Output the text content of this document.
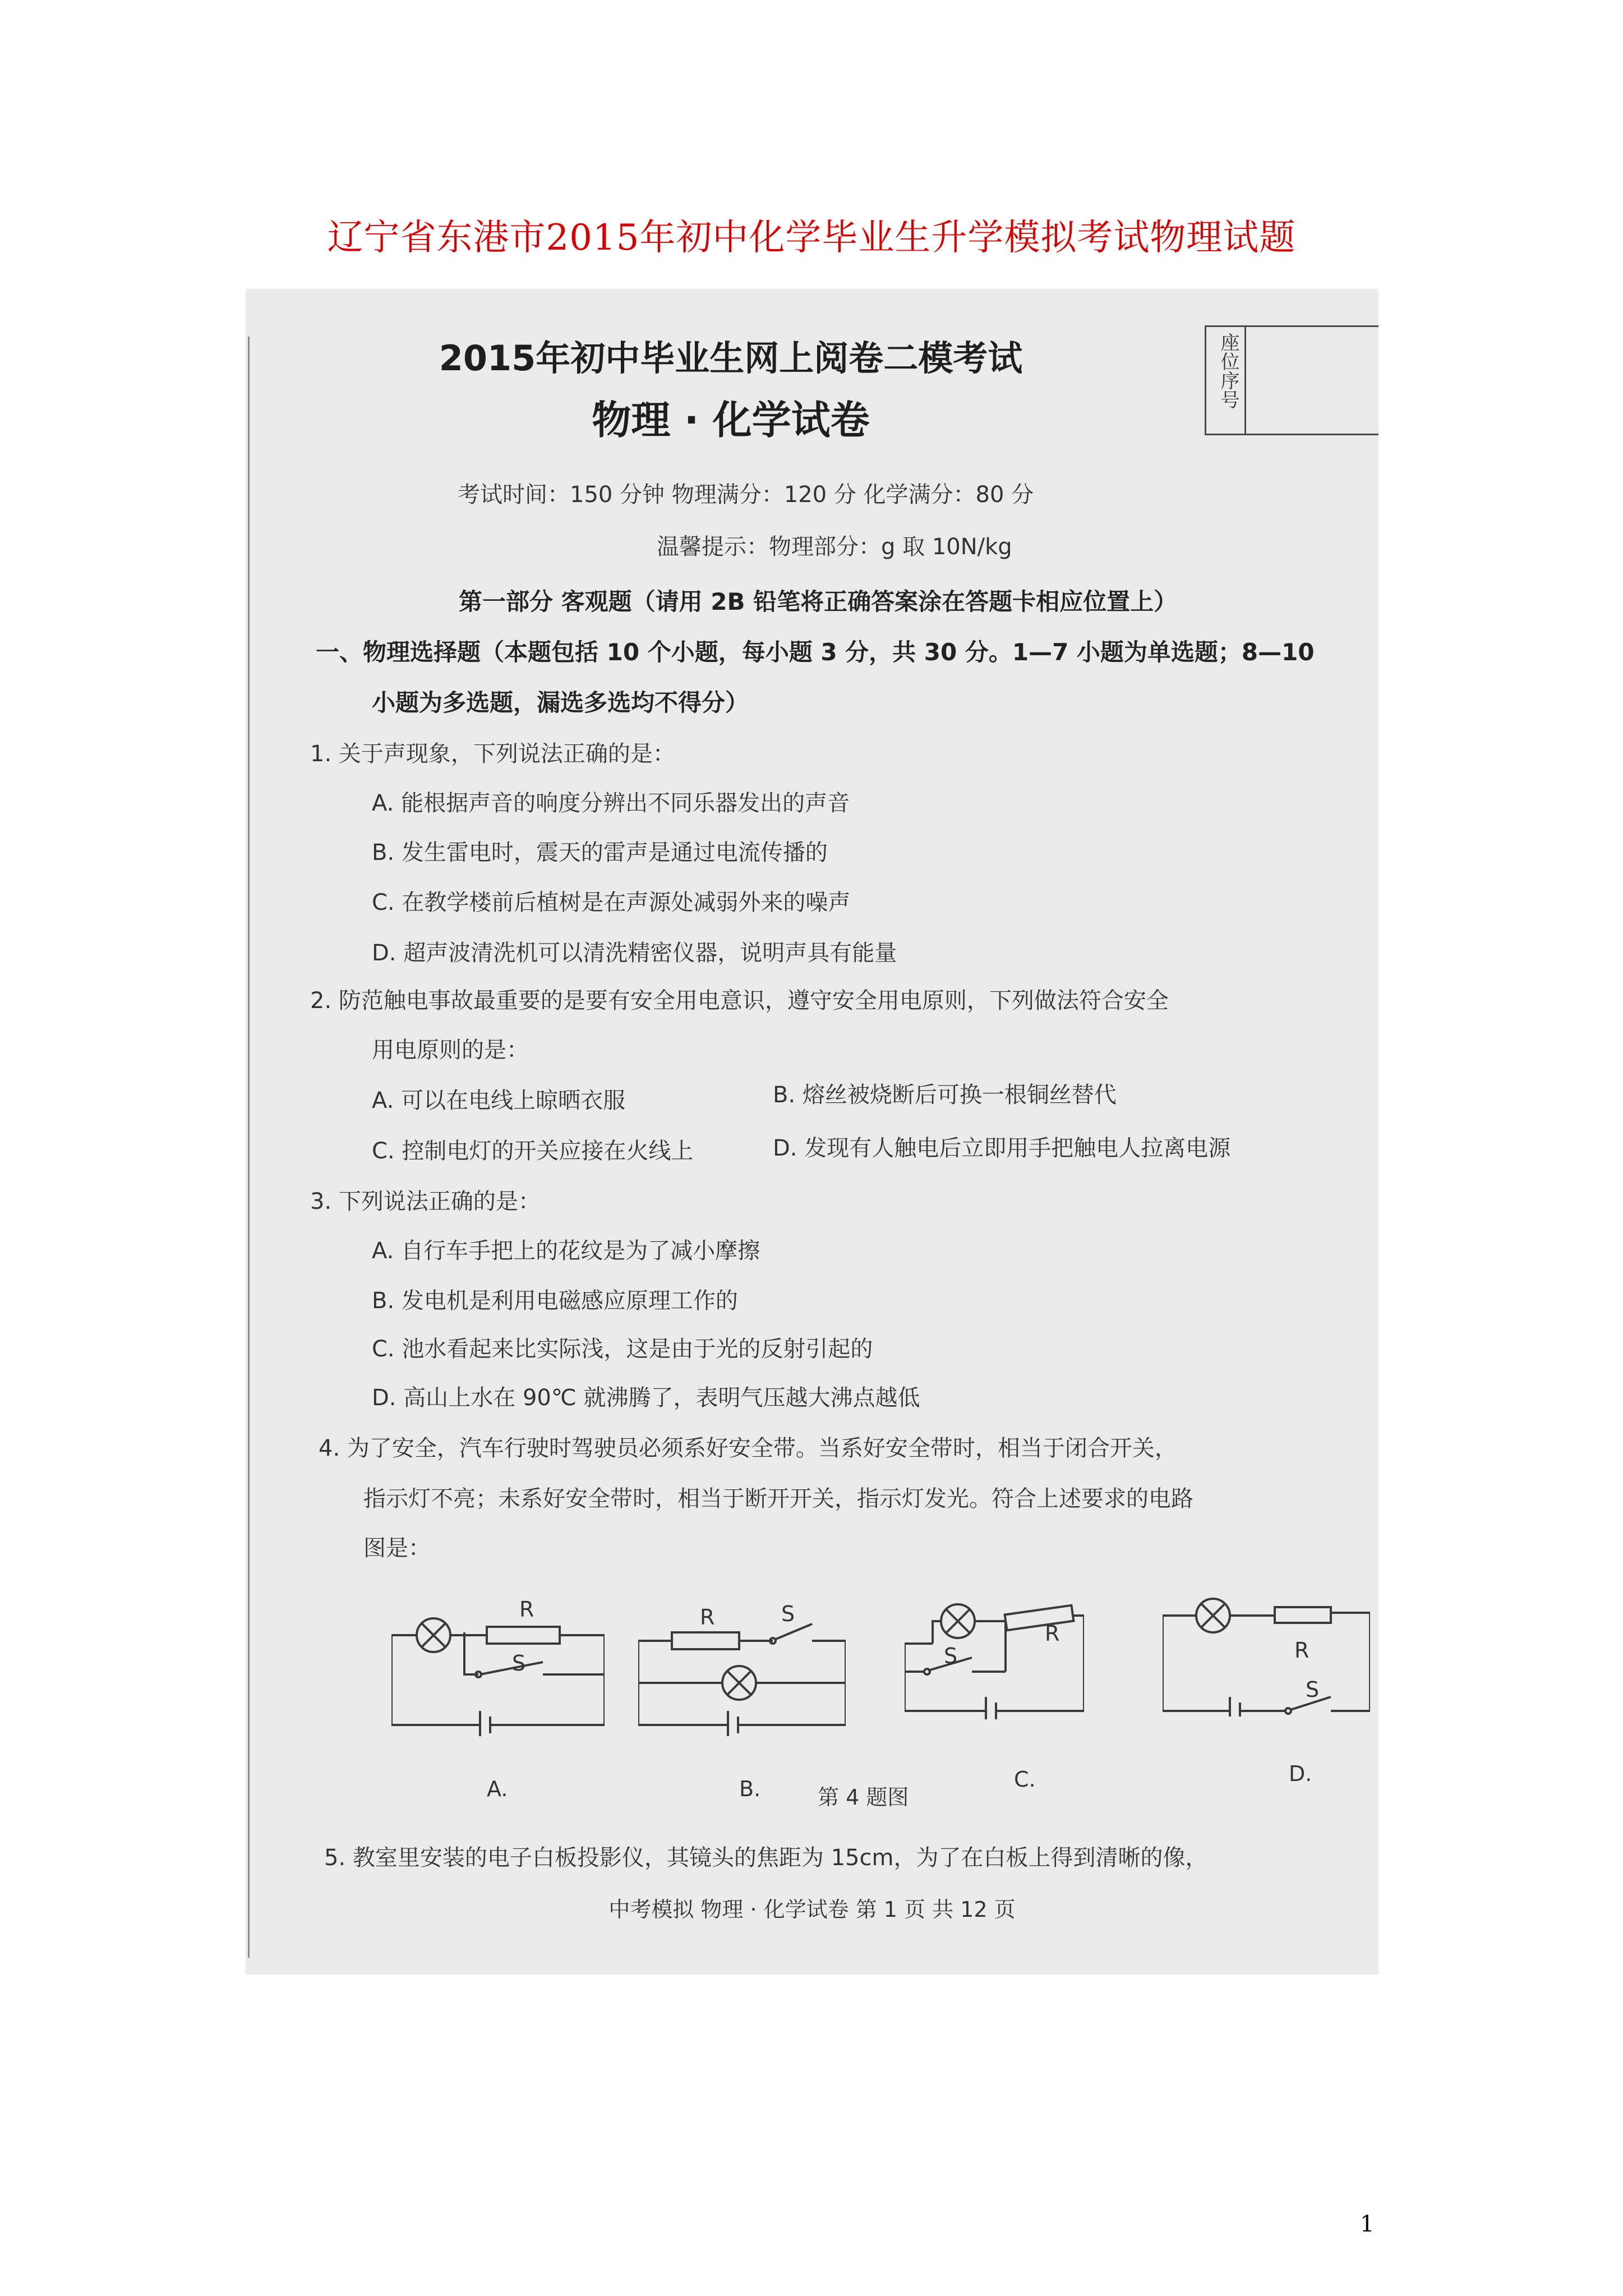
辽宁省东港市2015年初中化学毕业生升学模拟考试物理试题
座位序号
2015年初中毕业生网上阅卷二模考试
物理 · 化学试卷
考试时间：150 分钟 物理满分：120 分 化学满分：80 分
温馨提示：物理部分：g 取 10N/kg
第一部分 客观题（请用 2B 铅笔将正确答案涂在答题卡相应位置上）
一、物理选择题（本题包括 10 个小题，每小题 3 分，共 30 分。1—7 小题为单选题；8—10
小题为多选题，漏选多选均不得分）
1. 关于声现象，下列说法正确的是：
A. 能根据声音的响度分辨出不同乐器发出的声音
B. 发生雷电时，震天的雷声是通过电流传播的
C. 在教学楼前后植树是在声源处减弱外来的噪声
D. 超声波清洗机可以清洗精密仪器，说明声具有能量
2. 防范触电事故最重要的是要有安全用电意识，遵守安全用电原则，下列做法符合安全
用电原则的是：
A. 可以在电线上晾晒衣服	B. 熔丝被烧断后可换一根铜丝替代
C. 控制电灯的开关应接在火线上	D. 发现有人触电后立即用手把触电人拉离电源
3. 下列说法正确的是：
A. 自行车手把上的花纹是为了减小摩擦
B. 发电机是利用电磁感应原理工作的
C. 池水看起来比实际浅，这是由于光的反射引起的
D. 高山上水在 90℃ 就沸腾了，表明气压越大沸点越低
4. 为了安全，汽车行驶时驾驶员必须系好安全带。当系好安全带时，相当于闭合开关，
指示灯不亮；未系好安全带时，相当于断开开关，指示灯发光。符合上述要求的电路
图是：
R
S
A.
R	S
B.	第 4 题图
R
S
C.
R
S
D.
5. 教室里安装的电子白板投影仪，其镜头的焦距为 15cm，为了在白板上得到清晰的像，
中考模拟 物理 · 化学试卷 第 1 页 共 12 页
1
